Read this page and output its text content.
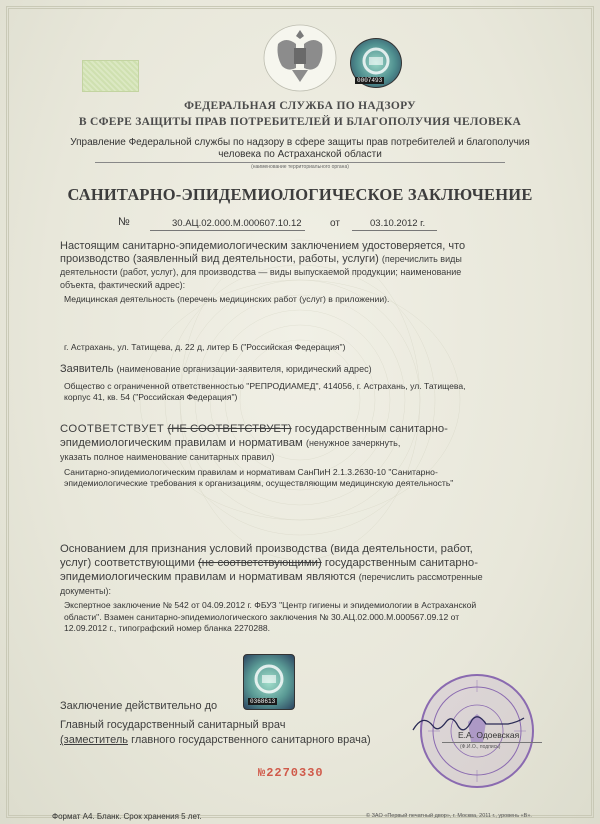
0007493
ФЕДЕРАЛЬНАЯ СЛУЖБА ПО НАДЗОРУ
В СФЕРЕ ЗАЩИТЫ ПРАВ ПОТРЕБИТЕЛЕЙ И БЛАГОПОЛУЧИЯ ЧЕЛОВЕКА
Управление Федеральной службы по надзору в сфере защиты прав потребителей и благополучия
человека по Астраханской области
(наименование территориального органа)
САНИТАРНО-ЭПИДЕМИОЛОГИЧЕСКОЕ ЗАКЛЮЧЕНИЕ
№	30.АЦ.02.000.М.000607.10.12	от	03.10.2012 г.
Настоящим санитарно-эпидемиологическим заключением удостоверяется, что
производство (заявленный вид деятельности, работы, услуги) (перечислить виды
деятельности (работ, услуг), для производства — виды выпускаемой продукции; наименование
объекта, фактический адрес):
Медицинская деятельность (перечень медицинских работ (услуг) в приложении).
г. Астрахань, ул. Татищева, д. 22 д, литер Б ("Российская Федерация")
Заявитель (наименование организации-заявителя, юридический адрес)
Общество с ограниченной ответственностью "РЕПРОДИАМЕД", 414056, г. Астрахань, ул. Татищева,
корпус 41, кв. 54 ("Российская Федерация")
СООТВЕТСТВУЕТ (НЕ СООТВЕТСТВУЕТ) государственным санитарно-
эпидемиологическим правилам и нормативам (ненужное зачеркнуть,
указать полное наименование санитарных правил)
Санитарно-эпидемиологическим правилам и нормативам СанПиН 2.1.3.2630-10 "Санитарно-
эпидемиологические требования к организациям, осуществляющим медицинскую деятельность"
Основанием для признания условий производства (вида деятельности, работ,
услуг) соответствующими (не соответствующими) государственным санитарно-
эпидемиологическим правилам и нормативам являются (перечислить рассмотренные
документы):
Экспертное заключение № 542 от 04.09.2012 г. ФБУЗ "Центр гигиены и эпидемиологии в Астраханской
области". Взамен санитарно-эпидемиологического заключения № 30.АЦ.02.000.М.000567.09.12 от
12.09.2012 г., типографский номер бланка 2270288.
0368613
Заключение действительно до
Главный государственный санитарный врач
(заместитель главного государственного санитарного врача)	Е.А. Одоевская
(Ф.И.О., подпись)
№2270330
Формат А4. Бланк. Срок хранения 5 лет.	© ЗАО «Первый печатный двор», г. Москва, 2011 г., уровень «В».
